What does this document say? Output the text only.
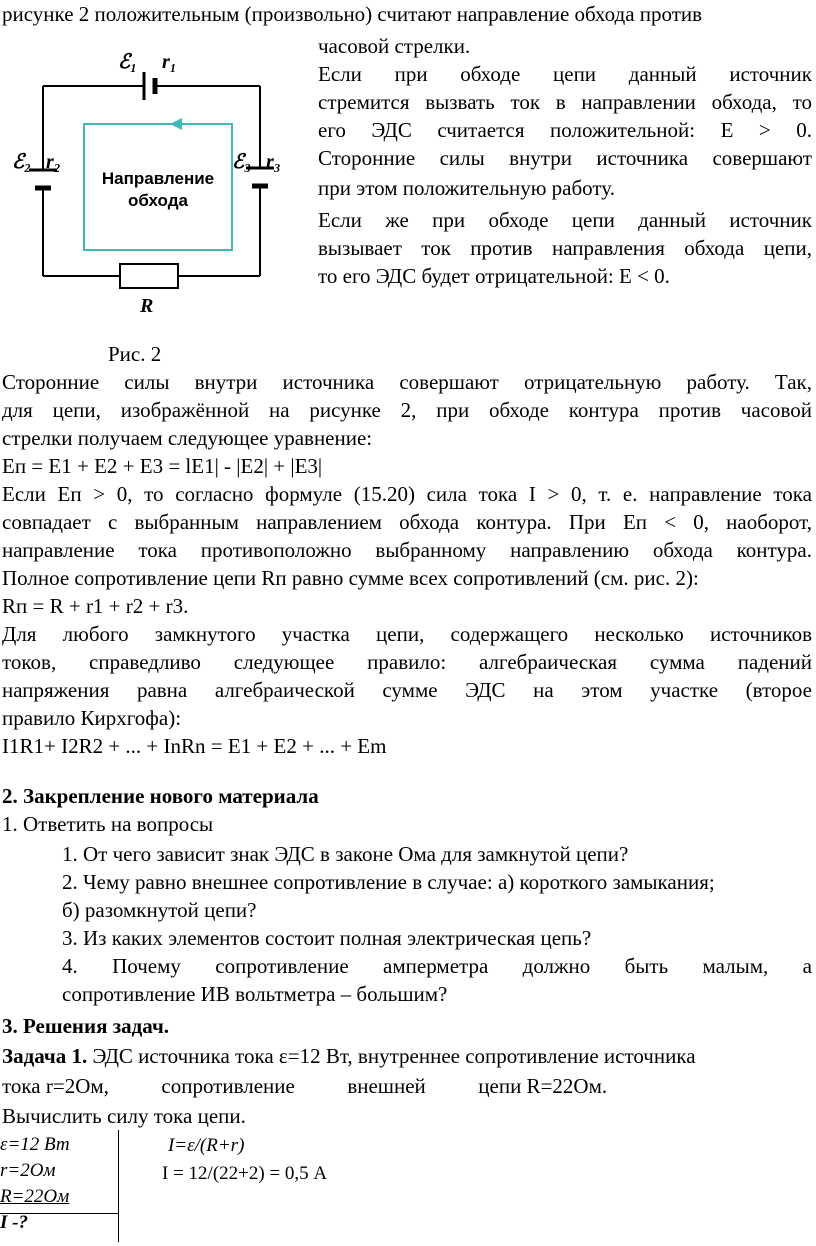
рисунке 2 положительным (произвольно) считают направление обхода против
часовой стрелки.
ℰ₁ r₁
ℰ₂ r₂	ℰ₃ r₃
R
Направление
обхода
Если при обходе цепи данный источник
стремится вызвать ток в направлении обхода, то
его ЭДС считается положительной: Е > 0.
Сторонние силы внутри источника совершают
при этом положительную работу.
Если же при обходе цепи данный источник
вызывает ток против направления обхода цепи,
то его ЭДС будет отрицательной: Е < 0.
Рис. 2
Сторонние силы внутри источника совершают отрицательную работу. Так,
для цепи, изображённой на рисунке 2, при обходе контура против часовой
стрелки получаем следующее уравнение:
Еп = Е1 + Е2 + Е3 = lЕ1| - |Е2| + |Е3|
Если Еп > 0, то согласно формуле (15.20) сила тока I > 0, т. е. направление тока
совпадает с выбранным направлением обхода контура. При Еп < 0, наоборот,
направление тока противоположно выбранному направлению обхода контура.
Полное сопротивление цепи Rп равно сумме всех сопротивлений (см. рис. 2):
Rп = R + r1 + r2 + r3.
Для любого замкнутого участка цепи, содержащего несколько источников
токов, справедливо следующее правило: алгебраическая сумма падений
напряжения равна алгебраической сумме ЭДС на этом участке (второе
правило Кирхгофа):
I1R1+ I2R2 + ... + InRn = E1 + E2 + ... + Em
2. Закрепление нового материала
1. Ответить на вопросы
1. От чего зависит знак ЭДС в законе Ома для замкнутой цепи?
2. Чему равно внешнее сопротивление в случае: а) короткого замыкания;
б) разомкнутой цепи?
3. Из каких элементов состоит полная электрическая цепь?
4. Почему сопротивление амперметра должно быть малым, а
сопротивление ИВ вольтметра – большим?
3. Решения задач.
Задача 1. ЭДС источника тока ε=12 Вт, внутреннее сопротивление источника
тока r=2Ом,          сопротивление          внешней          цепи R=22Ом.
Вычислить силу тока цепи.
ε=12 Вт
r=2Ом
R=22Ом
I -?
I=ε/(R+r)
I = 12/(22+2) = 0,5 А
